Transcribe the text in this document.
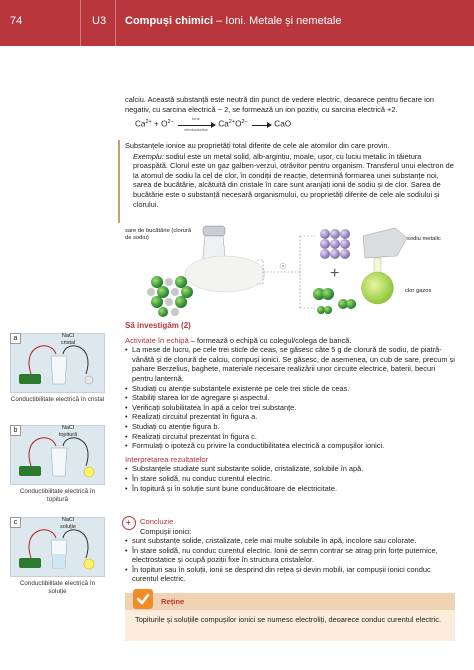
74	U3 Compuși chimici – Ioni. Metale și nemetale
calciu. Această substanță este neutră din punct de vedere electric, deoarece pentru fiecare ion negativ, cu sarcina electrică − 2, se formează un ion pozitiv, cu sarcina electrică +2.
$Ca^{2+} + O^{2-}$
forțe
electrostatice
$Ca^{2+}O^{2-}$	CaO
Substanțele ionice au proprietăți total diferite de cele ale atomilor din care provin.
Exemplu: sodiul este un metal solid, alb-argintiu, moale, ușor, cu luciu metalic în tăietura proaspătă. Clorul este un gaz galben-verzui, otrăvitor pentru organism. Transferul unui electron de la atomul de sodiu la cel de clor, în condiții de reacție, determină formarea unei substanțe noi, sarea de bucătărie, alcătuită din cristale în care sunt aranjați ionii de sodiu și de clor. Sarea de bucătărie este o substanță necesară organismului, cu proprietăți diferite de cele ale sodiului și clorului.
+
sare de bucătărie (clorură de sodiu)	sodiu metalic
clor gazos
Să investigăm (2)
Activitate în echipă – formează o echipă cu colegul/colega de bancă.
• La mese de lucru, pe cele trei sticle de ceas, se găsesc câte 5 g de clorură de sodiu, de piatră-vânătă și de clorură de calciu, compuși ionici. Se găsesc, de asemenea, un cub de sare, precum și pahare Berzelius, baghete, materiale necesare realizării unor circuite electrice, baterii, becuri pentru lanternă.
• Studiați cu atenție substanțele existente pe cele trei sticle de ceas.
• Stabiliți starea lor de agregare și aspectul.
• Verificați solubilitatea în apă a celor trei substanțe.
• Realizați circuitul prezentat în figura a.
• Studiați cu atenție figura b.
• Realizați circuitul prezentat în figura c.
• Formulați o ipoteză cu privire la conductibilitatea electrică a compușilor ionici.
Interpretarea rezultatelor
• Substanțele studiate sunt substanțe solide, cristalizate, solubile în apă.
• În stare solidă, nu conduc curentul electric.
• În topitură și în soluție sunt bune conducătoare de electricitate.
+ Concluzie
Compușii ionici:
• sunt substanțe solide, cristalizate, cele mai multe solubile în apă, incolore sau colorate.
• În stare solidă, nu conduc curentul electric. Ionii de semn contrar se atrag prin forțe puternice, electrostatice și ocupă poziții fixe în structura cristalelor.
• În topituri sau în soluții, ionii se desprind din rețea și devin mobili, iar compușii ionici conduc curentul electric.
Reține
Topiturile și soluțiile compușilor ionici se numesc electroliți, deoarece conduc curentul electric.
a	NaCl
cristal
Conductibilitate electrică în cristal
b	NaCl
topitură
Conductibilitate electrică în topitură
c	NaCl
soluție
Conductibilitate electrică în soluție
